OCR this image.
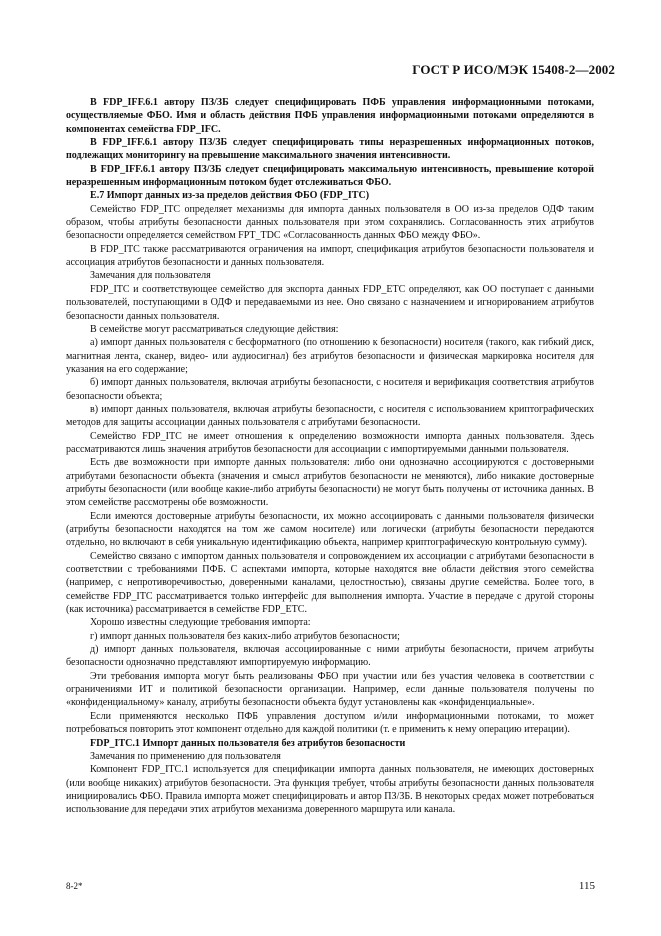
ГОСТ Р ИСО/МЭК 15408-2—2002

В FDP_IFF.6.1 автору ПЗ/ЗБ следует специфицировать ПФБ управления информационными потоками, осуществляемые ФБО. Имя и область действия ПФБ управления информационными потоками определяются в компонентах семейства FDP_IFC.

В FDP_IFF.6.1 автору ПЗ/ЗБ следует специфицировать типы неразрешенных информационных потоков, подлежащих мониторингу на превышение максимального значения интенсивности.

В FDP_IFF.6.1 автору ПЗ/ЗБ следует специфицировать максимальную интенсивность, превышение которой неразрешенным информационным потоком будет отслеживаться ФБО.

Е.7 Импорт данных из-за пределов действия ФБО (FDP_ITC)

Семейство FDP_ITC определяет механизмы для импорта данных пользователя в ОО из-за пределов ОДФ таким образом, чтобы атрибуты безопасности данных пользователя при этом сохранялись. Согласованность этих атрибутов безопасности определяется семейством FPT_TDC «Согласованность данных ФБО между ФБО».

В FDP_ITC также рассматриваются ограничения на импорт, спецификация атрибутов безопасности пользователя и ассоциация атрибутов безопасности и данных пользователя.

Замечания для пользователя

FDP_ITC и соответствующее семейство для экспорта данных FDP_ETC определяют, как ОО поступает с данными пользователей, поступающими в ОДФ и передаваемыми из нее. Оно связано с назначением и игнорированием атрибутов безопасности данных пользователя.

В семействе могут рассматриваться следующие действия:

а) импорт данных пользователя с бесформатного (по отношению к безопасности) носителя (такого, как гибкий диск, магнитная лента, сканер, видео- или аудиосигнал) без атрибутов безопасности и физическая маркировка носителя для указания на его содержание;

б) импорт данных пользователя, включая атрибуты безопасности, с носителя и верификация соответствия атрибутов безопасности объекта;

в) импорт данных пользователя, включая атрибуты безопасности, с носителя с использованием криптографических методов для защиты ассоциации данных пользователя с атрибутами безопасности.

Семейство FDP_ITC не имеет отношения к определению возможности импорта данных пользователя. Здесь рассматриваются лишь значения атрибутов безопасности для ассоциации с импортируемыми данными пользователя.

Есть две возможности при импорте данных пользователя: либо они однозначно ассоциируются с достоверными атрибутами безопасности объекта (значения и смысл атрибутов безопасности не меняются), либо никакие достоверные атрибуты безопасности (или вообще какие-либо атрибуты безопасности) не могут быть получены от источника данных. В этом семействе рассмотрены обе возможности.

Если имеются достоверные атрибуты безопасности, их можно ассоциировать с данными пользователя физически (атрибуты безопасности находятся на том же самом носителе) или логически (атрибуты безопасности передаются отдельно, но включают в себя уникальную идентификацию объекта, например криптографическую контрольную сумму).

Семейство связано с импортом данных пользователя и сопровождением их ассоциации с атрибутами безопасности в соответствии с требованиями ПФБ. С аспектами импорта, которые находятся вне области действия этого семейства (например, с непротиворечивостью, доверенными каналами, целостностью), связаны другие семейства. Более того, в семействе FDP_ITC рассматривается только интерфейс для выполнения импорта. Участие в передаче с другой стороны (как источника) рассматривается в семействе FDP_ETC.

Хорошо известны следующие требования импорта:

г) импорт данных пользователя без каких-либо атрибутов безопасности;

д) импорт данных пользователя, включая ассоциированные с ними атрибуты безопасности, причем атрибуты безопасности однозначно представляют импортируемую информацию.

Эти требования импорта могут быть реализованы ФБО при участии или без участия человека в соответствии с ограничениями ИТ и политикой безопасности организации. Например, если данные пользователя получены по «конфиденциальному» каналу, атрибуты безопасности объекта будут установлены как «конфиденциальные».

Если применяются несколько ПФБ управления доступом и/или информационными потоками, то может потребоваться повторить этот компонент отдельно для каждой политики (т. е применить к нему операцию итерации).

FDP_ITC.1 Импорт данных пользователя без атрибутов безопасности

Замечания по применению для пользователя

Компонент FDP_ITC.1 используется для спецификации импорта данных пользователя, не имеющих достоверных (или вообще никаких) атрибутов безопасности. Эта функция требует, чтобы атрибуты безопасности данных пользователя инициировались ФБО. Правила импорта может специфицировать и автор ПЗ/ЗБ. В некоторых средах может потребоваться использование для передачи этих атрибутов механизма доверенного маршрута или канала.

8-2*	115
